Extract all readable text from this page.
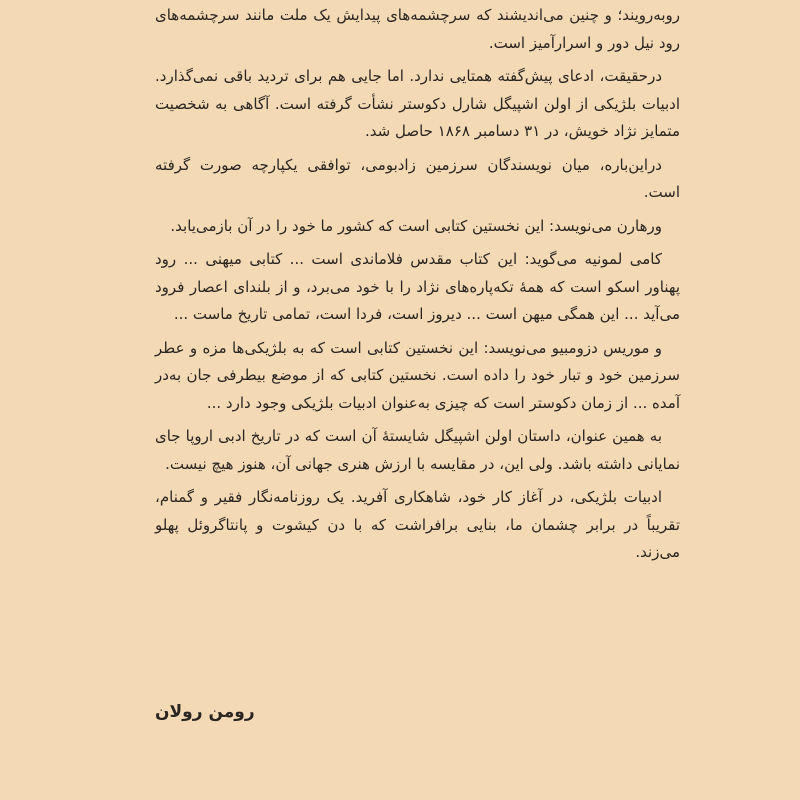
روبه‌رویند؛ و چنین می‌اندیشند که سرچشمه‌های پیدایش یک ملت مانند سرچشمه‌های رود نیل دور و اسرارآمیز است.

درحقیقت، ادعای پیش‌گفته همتایی ندارد. اما جایی هم برای تردید باقی نمی‌گذارد. ادبیات بلژیکی از اولن اشپیگل شارل دکوستر نشأت گرفته است. آگاهی به شخصیت متمایز نژاد خویش، در ۳۱ دسامبر ۱۸۶۸ حاصل شد.

دراین‌باره، میان نویسندگان سرزمین زادبومی، توافقی یکپارچه صورت گرفته است.

ورهارن می‌نویسد: این نخستین کتابی است که کشور ما خود را در آن بازمی‌یابد.

کامی لمونیه می‌گوید: این کتاب مقدس فلاماندی است ... کتابی میهنی ... رود پهناور اسکو است که همهٔ تکه‌پاره‌های نژاد را با خود می‌برد، و از بلندای اعصار فرود می‌آید ... این همگی میهن است ... دیروز است، فردا است، تمامی تاریخ ماست ...

و موریس دزومبیو می‌نویسد: این نخستین کتابی است که به بلژیکی‌ها مزه و عطر سرزمین خود و تبار خود را داده است. نخستین کتابی که از موضع بیطرفی جان به‌در آمده ... از زمان دکوستر است که چیزی به‌عنوان ادبیات بلژیکی وجود دارد ...

به همین عنوان، داستان اولن اشپیگل شایستهٔ آن است که در تاریخ ادبی اروپا جای نمایانی داشته باشد. ولی این، در مقایسه با ارزش هنری جهانی آن، هنوز هیچ نیست.

ادبیات بلژیکی، در آغاز کار خود، شاهکاری آفرید. یک روزنامه‌نگار فقیر و گمنام، تقریباً در برابر چشمان ما، بنایی برافراشت که با دن کیشوت و پانتاگروئل پهلو می‌زند.

رومن رولان
